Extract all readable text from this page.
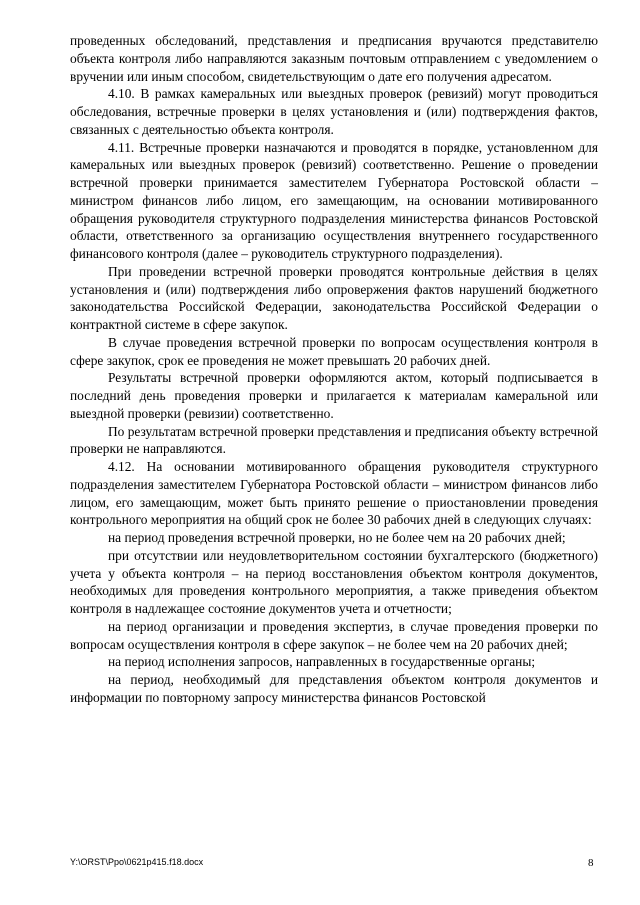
проведенных обследований, представления и предписания вручаются представителю объекта контроля либо направляются заказным почтовым отправлением с уведомлением о вручении или иным способом, свидетельствующим о дате его получения адресатом.

4.10. В рамках камеральных или выездных проверок (ревизий) могут проводиться обследования, встречные проверки в целях установления и (или) подтверждения фактов, связанных с деятельностью объекта контроля.

4.11. Встречные проверки назначаются и проводятся в порядке, установленном для камеральных или выездных проверок (ревизий) соответственно. Решение о проведении встречной проверки принимается заместителем Губернатора Ростовской области – министром финансов либо лицом, его замещающим, на основании мотивированного обращения руководителя структурного подразделения министерства финансов Ростовской области, ответственного за организацию осуществления внутреннего государственного финансового контроля (далее – руководитель структурного подразделения).

При проведении встречной проверки проводятся контрольные действия в целях установления и (или) подтверждения либо опровержения фактов нарушений бюджетного законодательства Российской Федерации, законодательства Российской Федерации о контрактной системе в сфере закупок.

В случае проведения встречной проверки по вопросам осуществления контроля в сфере закупок, срок ее проведения не может превышать 20 рабочих дней.

Результаты встречной проверки оформляются актом, который подписывается в последний день проведения проверки и прилагается к материалам камеральной или выездной проверки (ревизии) соответственно.

По результатам встречной проверки представления и предписания объекту встречной проверки не направляются.

4.12. На основании мотивированного обращения руководителя структурного подразделения заместителем Губернатора Ростовской области – министром финансов либо лицом, его замещающим, может быть принято решение о приостановлении проведения контрольного мероприятия на общий срок не более 30 рабочих дней в следующих случаях:

на период проведения встречной проверки, но не более чем на 20 рабочих дней;

при отсутствии или неудовлетворительном состоянии бухгалтерского (бюджетного) учета у объекта контроля – на период восстановления объектом контроля документов, необходимых для проведения контрольного мероприятия, а также приведения объектом контроля в надлежащее состояние документов учета и отчетности;

на период организации и проведения экспертиз, в случае проведения проверки по вопросам осуществления контроля в сфере закупок – не более чем на 20 рабочих дней;

на период исполнения запросов, направленных в государственные органы;

на период, необходимый для представления объектом контроля документов и информации по повторному запросу министерства финансов Ростовской

Y:\ORST\Ppo\0621p415.f18.docx	8
